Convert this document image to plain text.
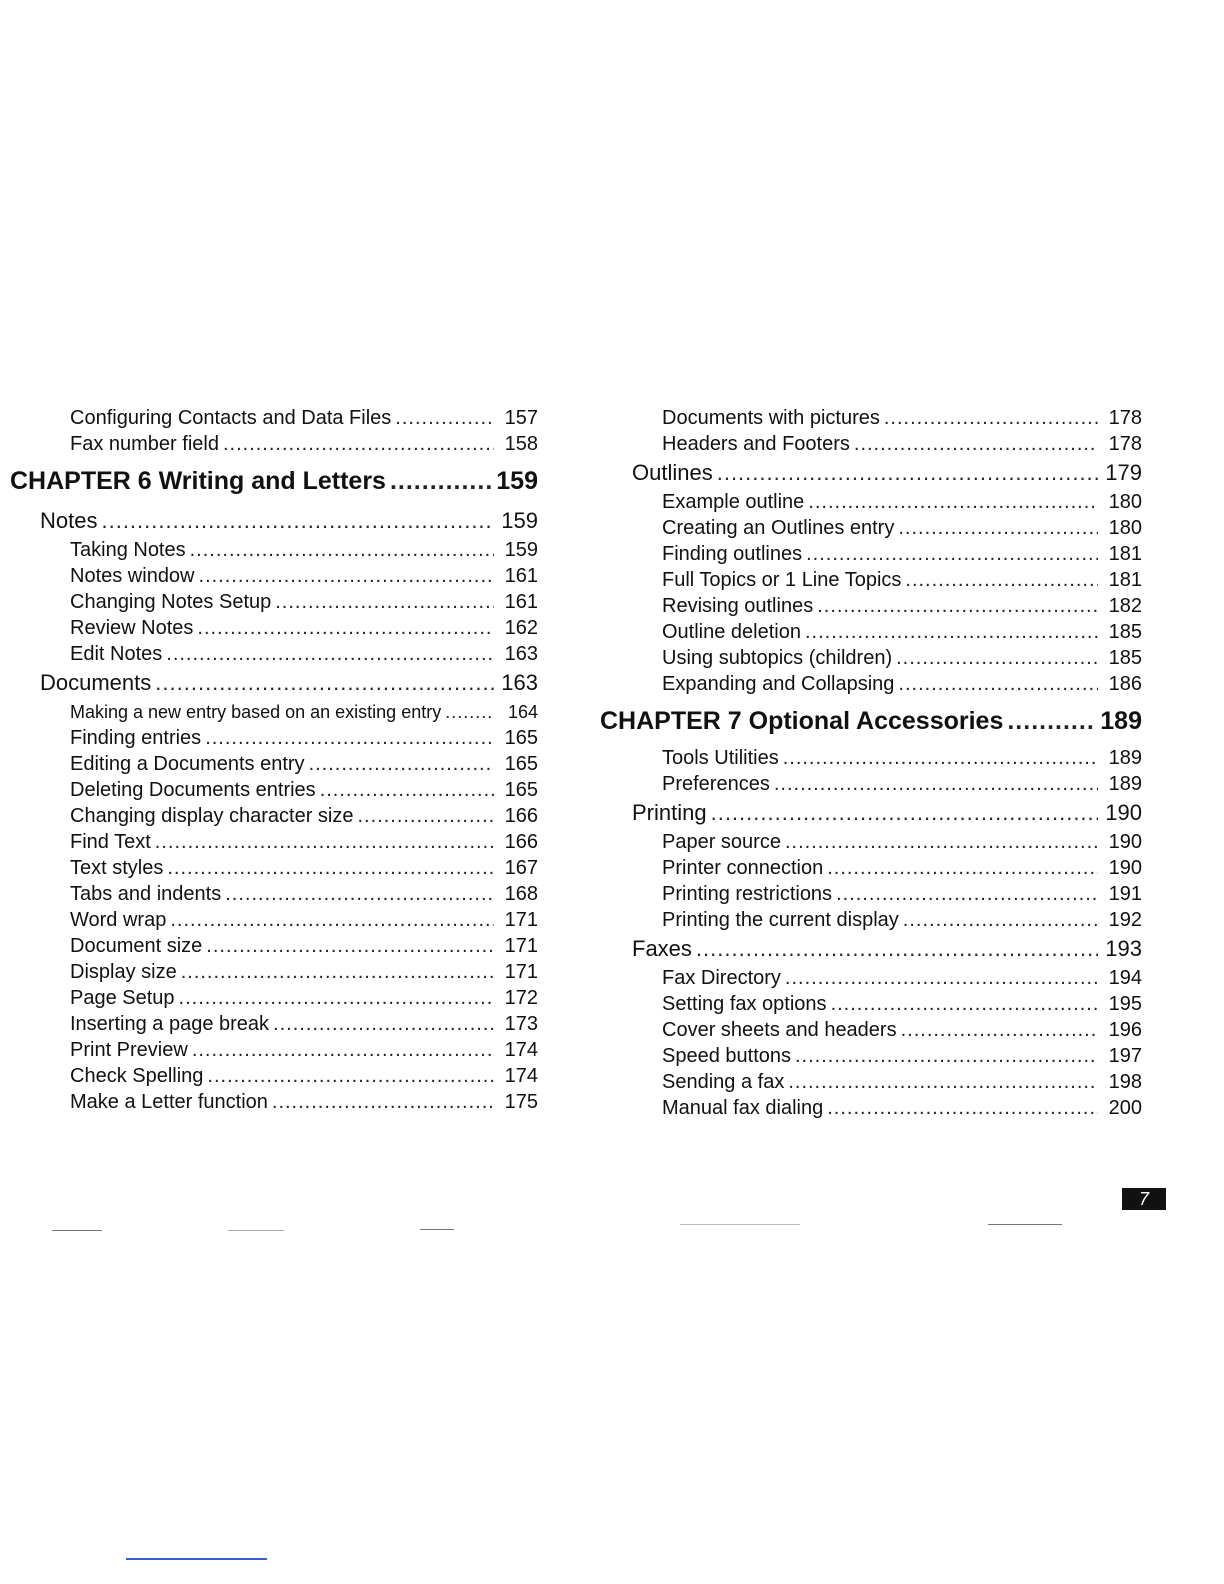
Configuring Contacts and Data Files .....	157
Fax number field .....	158
CHAPTER 6 Writing and Letters .....	159
Notes .....	159
Taking Notes .....	159
Notes window .....	161
Changing Notes Setup .....	161
Review Notes .....	162
Edit Notes .....	163
Documents .....	163
Making a new entry based on an existing entry .....	164
Finding entries .....	165
Editing a Documents entry .....	165
Deleting Documents entries .....	165
Changing display character size .....	166
Find Text .....	166
Text styles .....	167
Tabs and indents .....	168
Word wrap .....	171
Document size .....	171
Display size .....	171
Page Setup .....	172
Inserting a page break .....	173
Print Preview .....	174
Check Spelling .....	174
Make a Letter function .....	175
Documents with pictures .....	178
Headers and Footers .....	178
Outlines .....	179
Example outline .....	180
Creating an Outlines entry .....	180
Finding outlines .....	181
Full Topics or 1 Line Topics .....	181
Revising outlines .....	182
Outline deletion .....	185
Using subtopics (children) .....	185
Expanding and Collapsing .....	186
CHAPTER 7 Optional Accessories .....	189
Tools Utilities .....	189
Preferences .....	189
Printing .....	190
Paper source .....	190
Printer connection .....	190
Printing restrictions .....	191
Printing the current display .....	192
Faxes .....	193
Fax Directory .....	194
Setting fax options .....	195
Cover sheets and headers .....	196
Speed buttons .....	197
Sending a fax .....	198
Manual fax dialing .....	200
7
